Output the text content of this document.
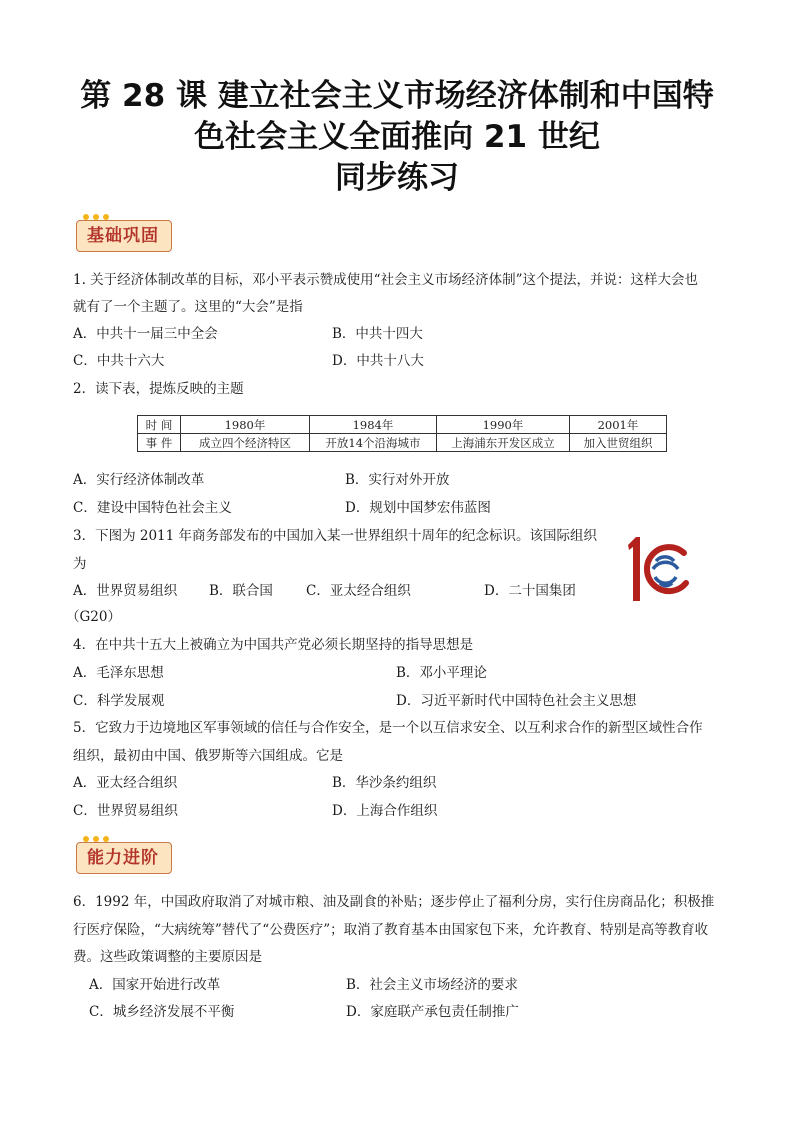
第 28 课 建立社会主义市场经济体制和中国特
色社会主义全面推向 21 世纪
同步练习
基础巩固
1. 关于经济体制改革的目标，邓小平表示赞成使用“社会主义市场经济体制”这个提法，并说：这样大会也
就有了一个主题了。这里的“大会”是指
A．中共十一届三中全会	B．中共十四大
C．中共十六大	D．中共十八大
2．读下表，提炼反映的主题
时 间	1980年	1984年	1990年	2001年
事 件	成立四个经济特区	开放14个沿海城市	上海浦东开发区成立	加入世贸组织
A．实行经济体制改革	B．实行对外开放
C．建设中国特色社会主义	D．规划中国梦宏伟蓝图
3．下图为 2011 年商务部发布的中国加入某一世界组织十周年的纪念标识。该国际组织
为
A．世界贸易组织 B．联合国 C．亚太经合组织	D．二十国集团
（G20）
4．在中共十五大上被确立为中国共产党必须长期坚持的指导思想是
A．毛泽东思想	B．邓小平理论
C．科学发展观	D．习近平新时代中国特色社会主义思想
5．它致力于边境地区军事领域的信任与合作安全，是一个以互信求安全、以互利求合作的新型区域性合作
组织，最初由中国、俄罗斯等六国组成。它是
A．亚太经合组织	B．华沙条约组织
C．世界贸易组织	D．上海合作组织
能力进阶
6．1992 年，中国政府取消了对城市粮、油及副食的补贴；逐步停止了福利分房，实行住房商品化；积极推
行医疗保险，“大病统筹”替代了“公费医疗”；取消了教育基本由国家包下来，允许教育、特别是高等教育收
费。这些政策调整的主要原因是
A．国家开始进行改革	B．社会主义市场经济的要求
C．城乡经济发展不平衡	D．家庭联产承包责任制推广
